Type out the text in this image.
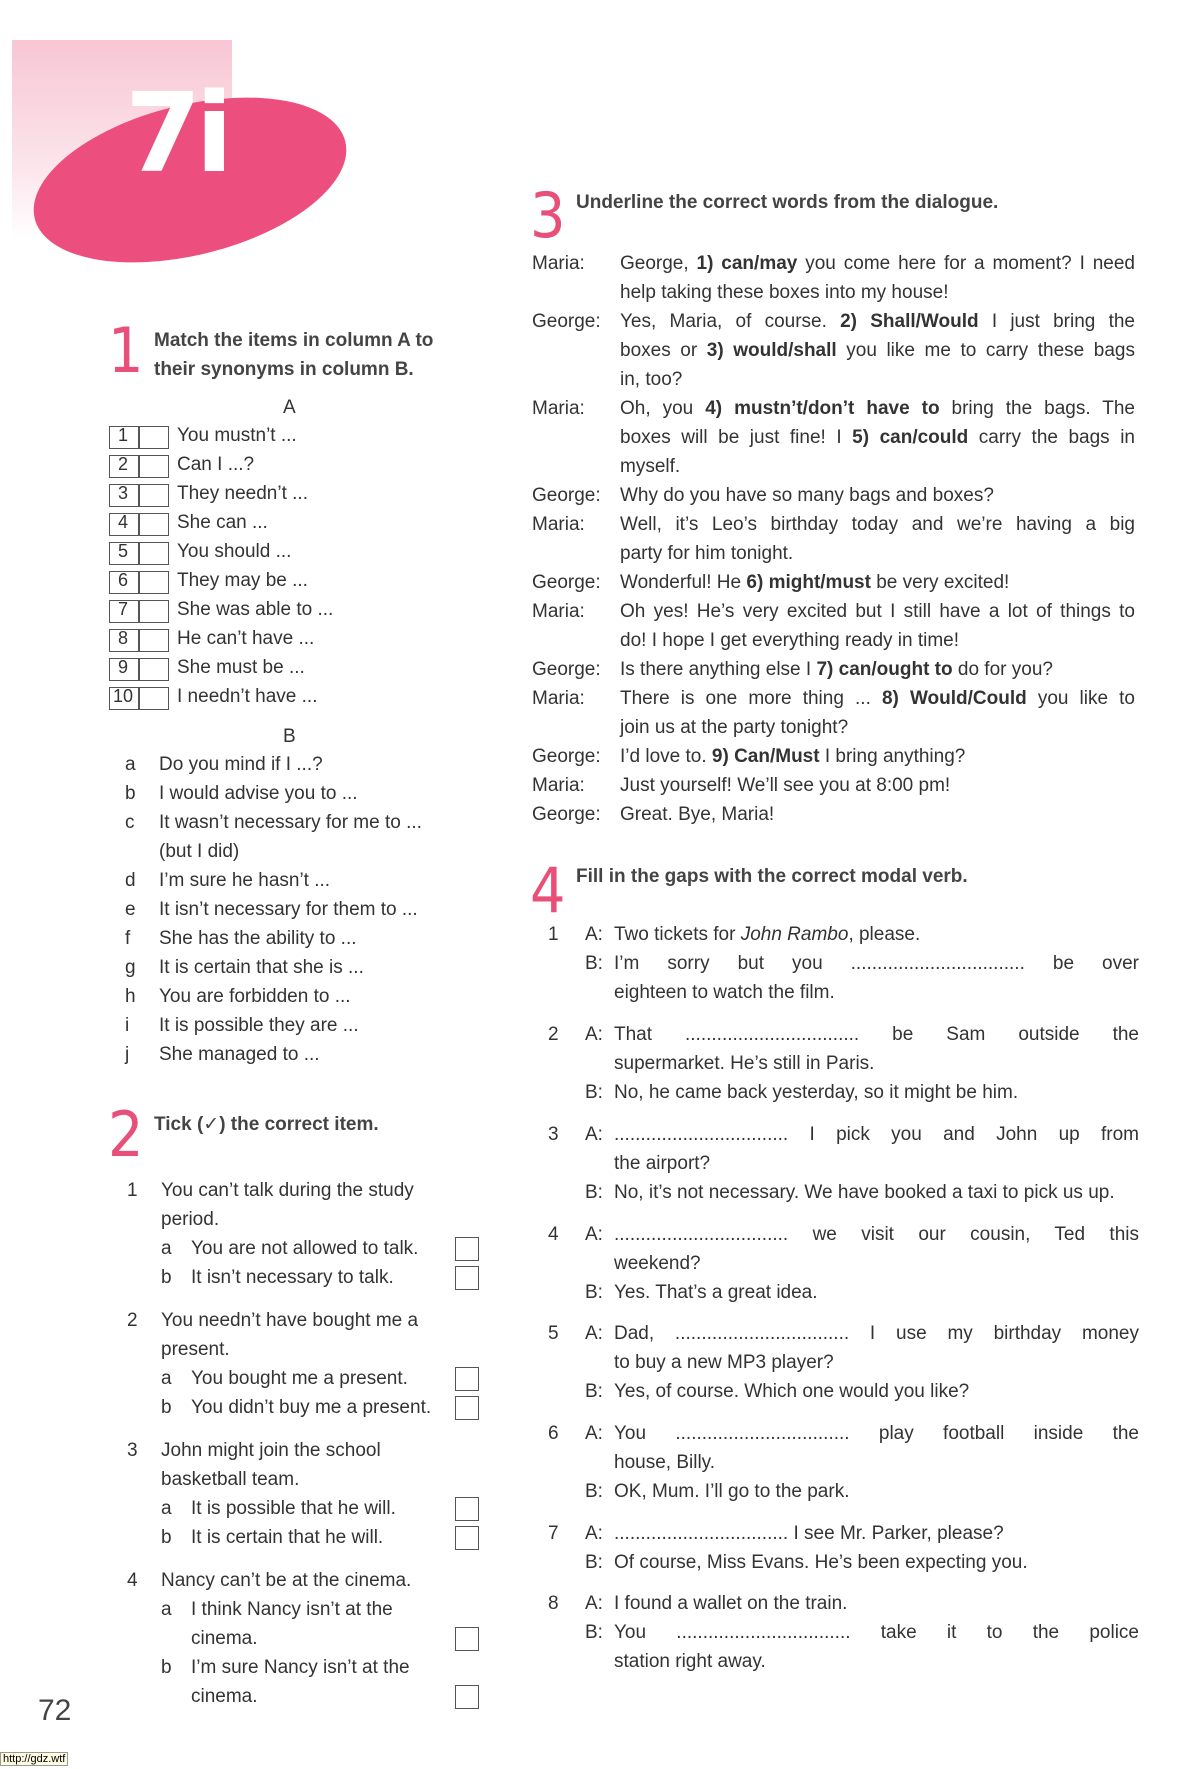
7i
1 Match the items in column A to
their synonyms in column B.
A
B
2 Tick (✓) the correct item.
3 Underline the correct words from the dialogue.
4 Fill in the gaps with the correct modal verb.
72
http://gdz.wtf
1	You mustn’t ...
2	Can I ...?
3	They needn’t ...
4	She can ...
5	You should ...
6	They may be ...
7	She was able to ...
8	He can’t have ...
9	She must be ...
10 I needn’t have ...
a Do you mind if I ...?
b I would advise you to ...
c It wasn’t necessary for me to ...
(but I did)
d I’m sure he hasn’t ...
e It isn’t necessary for them to ...
f She has the ability to ...
g It is certain that she is ...
h You are forbidden to ...
i It is possible they are ...
j She managed to ...
1 You can’t talk during the study
period.
a You are not allowed to talk.
b It isn’t necessary to talk.
2 You needn’t have bought me a
present.
a You bought me a present.
b You didn’t buy me a present.
3 John might join the school
basketball team.
a It is possible that he will.
b It is certain that he will.
4 Nancy can’t be at the cinema.
a I think Nancy isn’t at the
cinema.
b I’m sure Nancy isn’t at the
cinema.
Maria:	George, 1) can/may you come here for a moment? I need
help taking these boxes into my house!
George:	Yes, Maria, of course. 2) Shall/Would I just bring the
boxes or 3) would/shall you like me to carry these bags
in, too?
Maria:	Oh, you 4) mustn’t/don’t have to bring the bags. The
boxes will be just fine! I 5) can/could carry the bags in
myself.
George:	Why do you have so many bags and boxes?
Maria:	Well, it’s Leo’s birthday today and we’re having a big
party for him tonight.
George:	Wonderful! He 6) might/must be very excited!
Maria:	Oh yes! He’s very excited but I still have a lot of things to
do! I hope I get everything ready in time!
George:	Is there anything else I 7) can/ought to do for you?
Maria:	There is one more thing ... 8) Would/Could you like to
join us at the party tonight?
George:	I’d love to. 9) Can/Must I bring anything?
Maria:	Just yourself! We’ll see you at 8:00 pm!
George:	Great. Bye, Maria!
1 A: Two tickets for John Rambo, please.
B: I’m sorry but you ................................. be over
eighteen to watch the film.
2 A: That ................................. be Sam outside the
supermarket. He’s still in Paris.
B: No, he came back yesterday, so it might be him.
3 A: ................................. I pick you and John up from
the airport?
B: No, it’s not necessary. We have booked a taxi to pick us up.
4 A: ................................. we visit our cousin, Ted this
weekend?
B: Yes. That’s a great idea.
5 A: Dad, ................................. I use my birthday money
to buy a new MP3 player?
B: Yes, of course. Which one would you like?
6 A: You ................................. play football inside the
house, Billy.
B: OK, Mum. I’ll go to the park.
7 A: ................................. I see Mr. Parker, please?
B: Of course, Miss Evans. He’s been expecting you.
8 A: I found a wallet on the train.
B: You ................................. take it to the police
station right away.
